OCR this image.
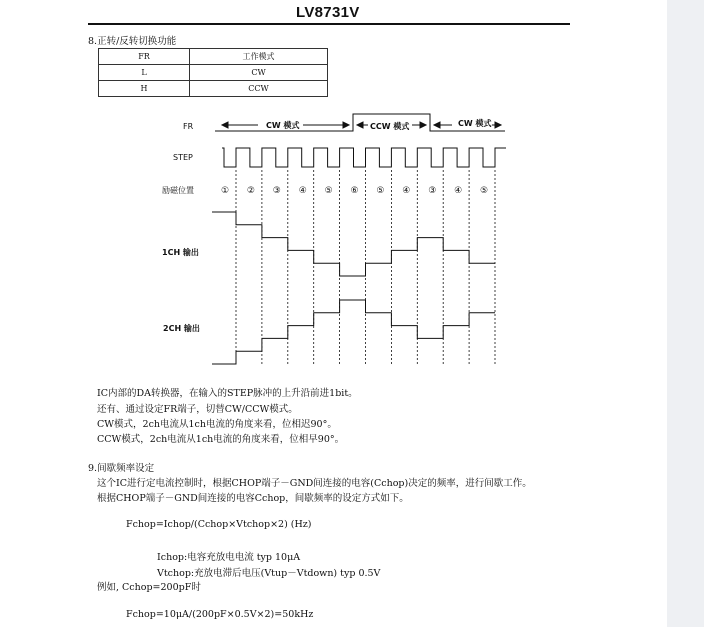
LV8731V
8.正转/反转切换功能
FR	工作模式
L	CW
H	CCW
FR
STEP
励磁位置
1CH 输出
2CH 输出
CW 模式	CCW 模式	CW 模式
① ② ③ ④ ⑤ ⑥ ⑤ ④ ③ ④ ⑤
IC内部的DA转换器，在输入的STEP脉冲的上升沿前进1bit。
还有、通过设定FR端子，切替CW/CCW模式。
CW模式，2ch电流从1ch电流的角度来看，位相迟90°。
CCW模式，2ch电流从1ch电流的角度来看，位相早90°。
9.间歇频率设定
这个IC进行定电流控制时，根据CHOP端子－GND间连接的电容(Cchop)决定的频率，进行间歇工作。
根据CHOP端子－GND间连接的电容Cchop，间歇频率的设定方式如下。
Fchop=Ichop/(Cchop×Vtchop×2) (Hz)
Ichop:电容充放电电流 typ 10μA
Vtchop:充放电滞后电压(Vtup－Vtdown) typ 0.5V
例如, Cchop=200pF时
Fchop=10μA/(200pF×0.5V×2)=50kHz
